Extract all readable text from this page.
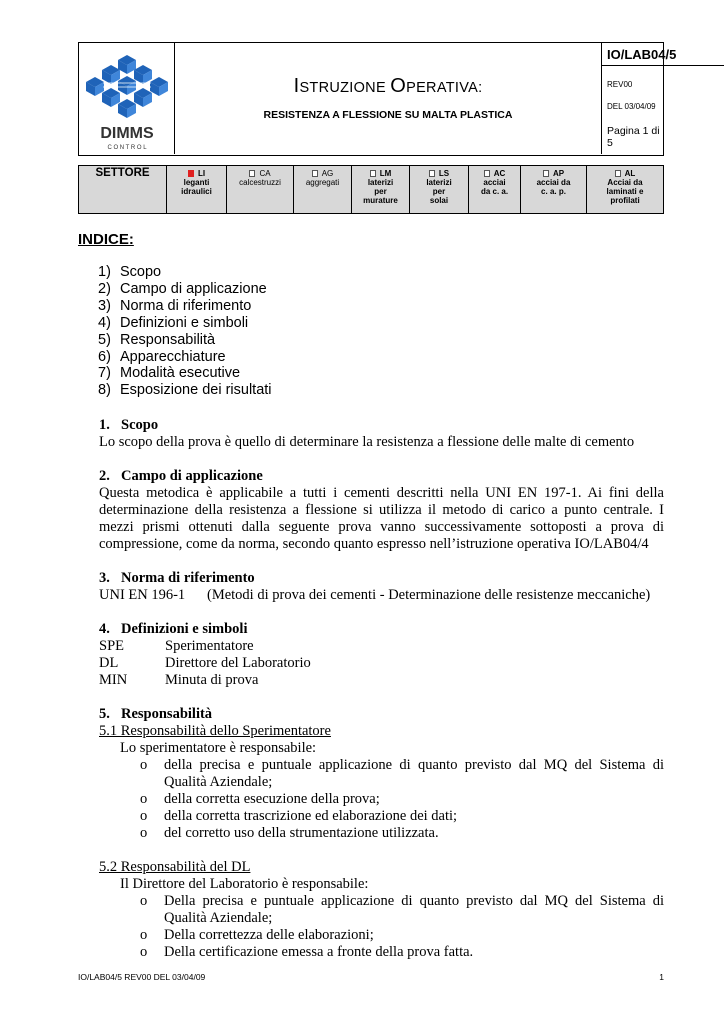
DIMMS
C O N T R O L
ISTRUZIONE OPERATIVA:
RESISTENZA A FLESSIONE SU MALTA PLASTICA
IO/LAB04/5
REV00
DEL 03/04/09
Pagina 1 di 5
SETTORE	LI
leganti
idraulici
CA
calcestruzzi
AG
aggregati
LM
laterizi
per
murature
LS
laterizi
per
solai
AC
acciai
da c. a.
AP
acciai da
c. a. p.
AL
Acciai da
laminati e
profilati
INDICE:
1) Scopo
2) Campo di applicazione
3) Norma di riferimento
4) Definizioni e simboli
5) Responsabilità
6) Apparecchiature
7) Modalità esecutive
8) Esposizione dei risultati
1. Scopo
Lo scopo della prova è quello di determinare la resistenza a flessione delle malte di cemento
2. Campo di applicazione
Questa metodica è applicabile a tutti i cementi descritti nella UNI EN 197-1. Ai fini della determinazione della resistenza a flessione si utilizza il metodo di carico a punto centrale. I mezzi prismi ottenuti dalla seguente prova vanno successivamente sottoposti a prova di compressione, come da norma, secondo quanto espresso nell’istruzione operativa IO/LAB04/4
3. Norma di riferimento
UNI EN 196-1 (Metodi di prova dei cementi - Determinazione delle resistenze meccaniche)
4. Definizioni e simboli
SPE	Sperimentatore
DL	Direttore del Laboratorio
MIN	Minuta di prova
5. Responsabilità
5.1 Responsabilità dello Sperimentatore
Lo sperimentatore è responsabile:
o della precisa e puntuale applicazione di quanto previsto dal MQ del Sistema di Qualità Aziendale;
o della corretta esecuzione della prova;
o della corretta trascrizione ed elaborazione dei dati;
o del corretto uso della strumentazione utilizzata.
5.2 Responsabilità del DL
Il Direttore del Laboratorio è responsabile:
o Della precisa e puntuale applicazione di quanto previsto dal MQ del Sistema di Qualità Aziendale;
o Della correttezza delle elaborazioni;
o Della certificazione emessa a fronte della prova fatta.
IO/LAB04/5 REV00 DEL 03/04/09	1
